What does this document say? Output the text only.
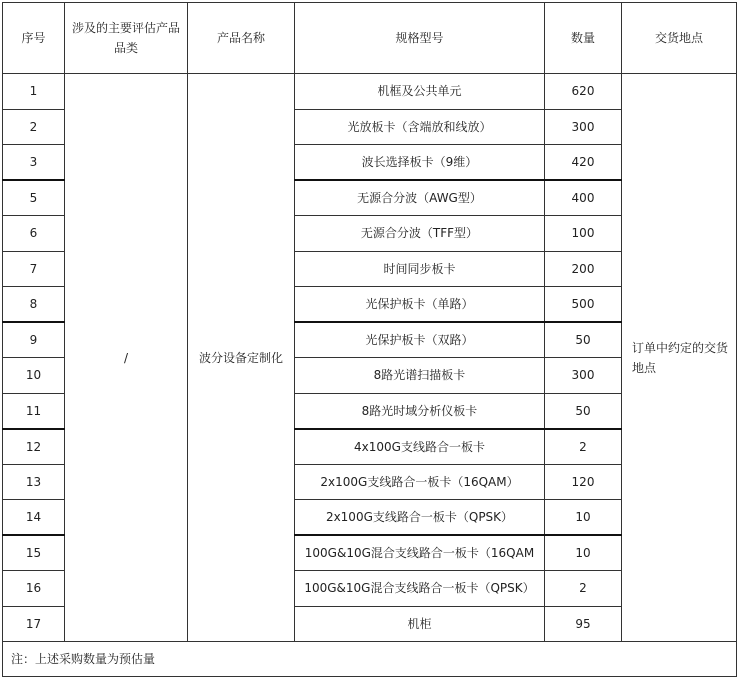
序号	涉及的主要评估产品品类	产品名称	规格型号	数量	交货地点
1	/	波分设备定制化	机框及公共单元	620	订单中约定的交货地点
2			光放板卡（含端放和线放）	300	
3			波长选择板卡（9维）	420	
5			无源合分波（AWG型）	400	
6			无源合分波（TFF型）	100	
7			时间同步板卡	200	
8			光保护板卡（单路）	500	
9			光保护板卡（双路）	50	
10			8路光谱扫描板卡	300	
11			8路光时域分析仪板卡	50	
12			4x100G支线路合一板卡	2	
13			2x100G支线路合一板卡（16QAM）	120	
14			2x100G支线路合一板卡（QPSK）	10	
15			100G&10G混合支线路合一板卡（16QAM	10	
16			100G&10G混合支线路合一板卡（QPSK）	2	
17			机柜	95	
注：上述采购数量为预估量					
